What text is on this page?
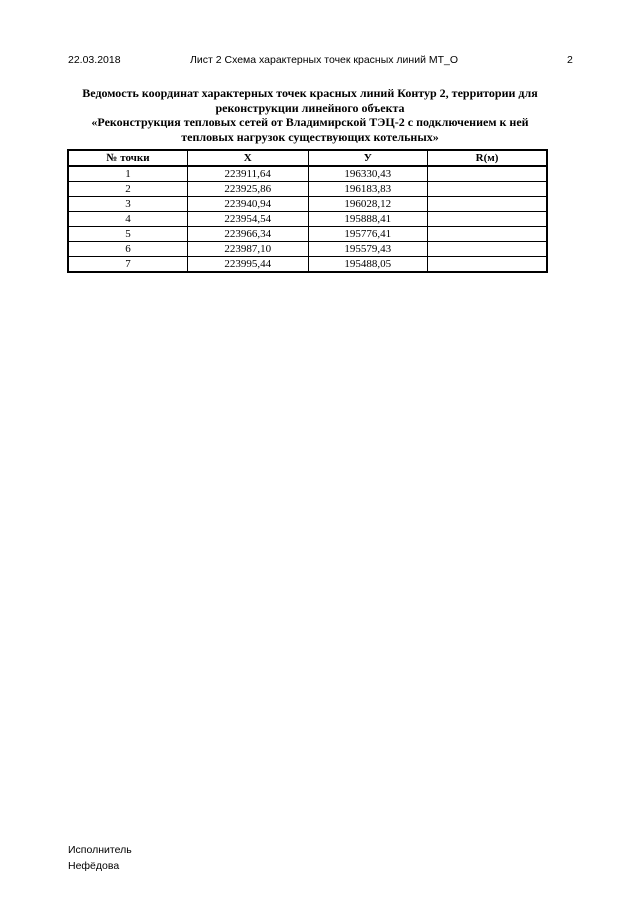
22.03.2018	Лист 2 Схема характерных точек красных линий МТ_О	2
Ведомость координат характерных точек красных линий Контур 2, территории для
реконструкции линейного объекта
«Реконструкция тепловых сетей от Владимирской ТЭЦ-2 с подключением к ней
тепловых нагрузок существующих котельных»
№ точки	Х	У	R(м)
1	223911,64	196330,43	
2	223925,86	196183,83	
3	223940,94	196028,12	
4	223954,54	195888,41	
5	223966,34	195776,41	
6	223987,10	195579,43	
7	223995,44	195488,05	
Исполнитель
Нефёдова
